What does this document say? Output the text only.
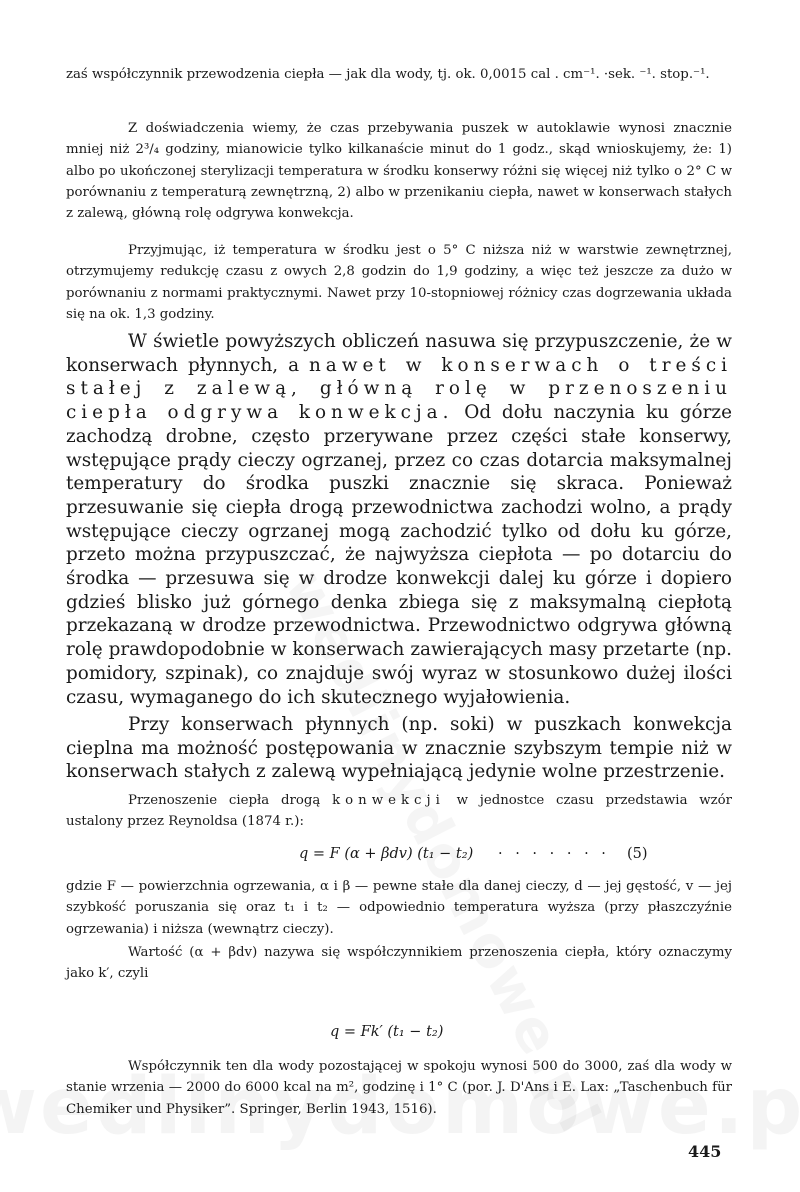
zaś współczynnik przewodzenia ciepła — jak dla wody, tj. ok. 0,0015 cal . cm⁻¹. ·sek. ⁻¹. stop.⁻¹.

Z doświadczenia wiemy, że czas przebywania puszek w autoklawie wynosi znacznie mniej niż 2³/₄ godziny, mianowicie tylko kilkanaście minut do 1 godz., skąd wnioskujemy, że: 1) albo po ukończonej sterylizacji temperatura w środku konserwy różni się więcej niż tylko o 2° C w porównaniu z temperaturą zewnętrzną, 2) albo w przenikaniu ciepła, nawet w konserwach stałych z zalewą, główną rolę odgrywa konwekcja.

Przyjmując, iż temperatura w środku jest o 5° C niższa niż w warstwie zewnętrznej, otrzymujemy redukcję czasu z owych 2,8 godzin do 1,9 godziny, a więc też jeszcze za dużo w porównaniu z normami praktycznymi. Nawet przy 10-stopniowej różnicy czas dogrzewania układa się na ok. 1,3 godziny.

W świetle powyższych obliczeń nasuwa się przypuszczenie, że w konserwach płynnych, a nawet w konserwach o treści stałej z zalewą, główną rolę w przenoszeniu ciepła odgrywa konwekcja. Od dołu naczynia ku górze zachodzą drobne, często przerywane przez części stałe konserwy, wstępujące prądy cieczy ogrzanej, przez co czas dotarcia maksymalnej temperatury do środka puszki znacznie się skraca. Ponieważ przesuwanie się ciepła drogą przewodnictwa zachodzi wolno, a prądy wstępujące cieczy ogrzanej mogą zachodzić tylko od dołu ku górze, przeto można przypuszczać, że najwyższa ciepłota — po dotarciu do środka — przesuwa się w drodze konwekcji dalej ku górze i dopiero gdzieś blisko już górnego denka zbiega się z maksymalną ciepłotą przekazaną w drodze przewodnictwa. Przewodnictwo odgrywa główną rolę prawdopodobnie w konserwach zawierających masy przetarte (np. pomidory, szpinak), co znajduje swój wyraz w stosunkowo dużej ilości czasu, wymaganego do ich skutecznego wyjałowienia.

Przy konserwach płynnych (np. soki) w puszkach konwekcja cieplna ma możność postępowania w znacznie szybszym tempie niż w konserwach stałych z zalewą wypełniającą jedynie wolne przestrzenie.

Przenoszenie ciepła drogą konwekcji w jednostce czasu przedstawia wzór ustalony przez Reynoldsa (1874 r.):

q = F (α + βdv) (t₁ − t₂) · · · · · · · (5)

gdzie F — powierzchnia ogrzewania, α i β — pewne stałe dla danej cieczy, d — jej gęstość, v — jej szybkość poruszania się oraz t₁ i t₂ — odpowiednio temperatura wyższa (przy płaszczyźnie ogrzewania) i niższa (wewnątrz cieczy).

Wartość (α + βdv) nazywa się współczynnikiem przenoszenia ciepła, który oznaczymy jako k′, czyli

q = Fk′ (t₁ − t₂)

Współczynnik ten dla wody pozostającej w spokoju wynosi 500 do 3000, zaś dla wody w stanie wrzenia — 2000 do 6000 kcal na m², godzinę i 1° C (por. J. D'Ans i E. Lax: „Taschenbuch für Chemiker und Physiker”. Springer, Berlin 1943, 1516).

445
